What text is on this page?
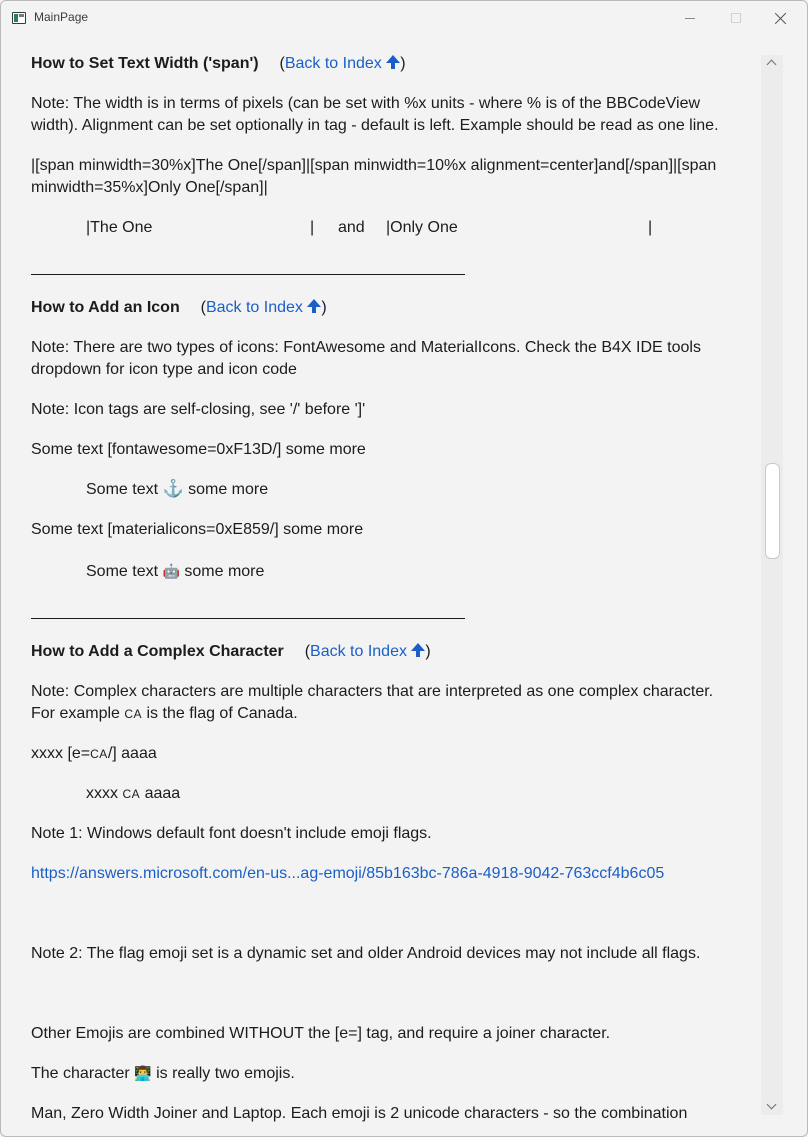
MainPage
How to Set Text Width ('span') (Back to Index )
Note: The width is in terms of pixels (can be set with %x units - where % is of the BBCodeView
width). Alignment can be set optionally in tag - default is left. Example should be read as one line.
|[span minwidth=30%x]The One[/span]|[span minwidth=10%x alignment=center]and[/span]|[span
minwidth=35%x]Only One[/span]|
|The One	| and |Only One	|
How to Add an Icon (Back to Index )
Note: There are two types of icons: FontAwesome and MaterialIcons. Check the B4X IDE tools
dropdown for icon type and icon code
Note: Icon tags are self-closing, see '/' before ']'
Some text [fontawesome=0xF13D/] some more
Some text ⚓ some more
Some text [materialicons=0xE859/] some more
Some text 🤖 some more
How to Add a Complex Character (Back to Index )
Note: Complex characters are multiple characters that are interpreted as one complex character.
For example CA is the flag of Canada.
xxxx [e=CA/] aaaa
xxxx CA aaaa
Note 1: Windows default font doesn't include emoji flags.
https://answers.microsoft.com/en-us...ag-emoji/85b163bc-786a-4918-9042-763ccf4b6c05
Note 2: The flag emoji set is a dynamic set and older Android devices may not include all flags.
Other Emojis are combined WITHOUT the [e=] tag, and require a joiner character.
The character 👨‍💻 is really two emojis.
Man, Zero Width Joiner and Laptop. Each emoji is 2 unicode characters - so the combination
